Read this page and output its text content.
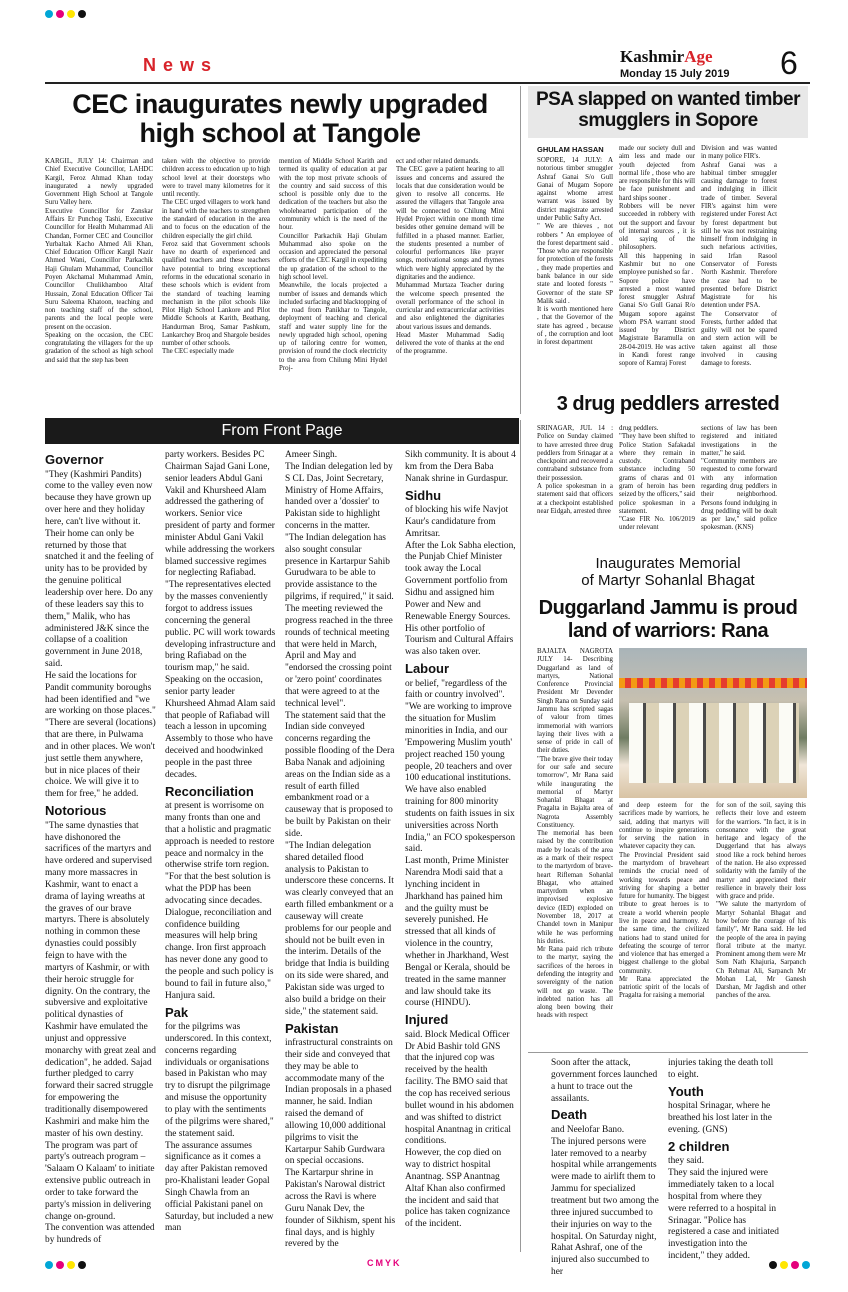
News	KashmirAge
Monday 15 July 2019 6
CEC inaugurates newly upgraded high school at Tangole
KARGIL, JULY 14: Chairman and Chief Executive Councillor, LAHDC Kargil, Feroz Ahmad Khan today inaugurated a newly upgraded Government High School at Tangole Suru Valley here.
Executive Councillor for Zanskar Affairs Er Punchog Tashi, Executive Councillor for Health Muhammad Ali Chandan, Former CEC and Councillor Yurbaltak Kacho Ahmed Ali Khan, Chief Education Officer Kargil Nazir Ahmed Wani, Councillor Parkachik Haji Ghulam Muhammad, Councillor Poyen Akchamal Muhammad Amin, Councillor Chulikhamboo Altaf Hussain, Zonal Education Officer Tai Suru Saleema Khatoon, teaching and non teaching staff of the school, parents and the local people were present on the occasion.
Speaking on the occasion, the CEC congratulating the villagers for the up gradation of the school as high school and said that the step has been
taken with the objective to provide children access to education up to high school level at their doorsteps who were to travel many kilometres for it until recently.
The CEC urged villagers to work hand in hand with the teachers to strengthen the standard of education in the area and to focus on the education of the children especially the girl child.
Feroz said that Government schools have no dearth of experienced and qualified teachers and these teachers have potential to bring exceptional reforms in the educational scenario in these schools which is evident from the standard of teaching learning mechanism in the pilot schools like Pilot High School Lankore and Pilot Middle Schools at Karith, Beathang, Handurman Broq, Samar Pashkum, Lankarchey Broq and Shargole besides number of other schools.
The CEC especially made
mention of Middle School Karith and termed its quality of education at par with the top most private schools of the country and said success of this school is possible only due to the dedication of the teachers but also the wholehearted participation of the community which is the need of the hour.
Councillor Parkachik Haji Ghulam Muhammad also spoke on the occasion and appreciated the personal efforts of the CEC Kargil in expediting the up gradation of the school to the high school level.
Meanwhile, the locals projected a number of issues and demands which included surfacing and blacktopping of the road from Panikhar to Tangole, deployment of teaching and clerical staff and water supply line for the newly upgraded high school, opening up of tailoring centre for women, provision of round the clock electricity to the area from Chilung Mini Hydel Proj-
ect and other related demands.
The CEC gave a patient hearing to all issues and concerns and assured the locals that due consideration would be given to resolve all concerns. He assured the villagers that Tangole area will be connected to Chilung Mini Hydel Project within one month time besides other genuine demand will be fulfilled in a phased manner. Earlier, the students presented a number of colourful performances like prayer songs, motivational songs and rhymes which were highly appreciated by the dignitaries and the audience.
Muhammad Murtaza Teacher during the welcome speech presented the overall performance of the school in curricular and extracurricular activities and also enlightened the dignitaries about various issues and demands.
Head Master Muhammad Sadiq delivered the vote of thanks at the end of the programme.
PSA slapped on wanted timber smugglers in Sopore
GHULAM HASSAN
SOPORE, 14 JULY: A notorious timber smuggler Ashraf Ganai S/o Gull Ganai of Mugam Sopore against whome arrest warrant was issued by district magistrate arrested under Public Safty Act.
" We are thieves , not robbers " An employee of the forest department said . 'Those who are responsible for protection of the forests , they made properties and bank balance in our side state and looted forests " Governor of the state SP Malik said .
It is worth mentioned here , that the Governor of the state has agreed , because of , the corruption and loot in forest department
made our society dull and aim less and made our youth dejected from normal life , those who are are responsible for this will be face punishment and hard ships sooner .
Robbers will be never succeeded in robbery with out the support and favour of internal sources , it is old saying of the philosophers.
All this happening in Kashmir but no one employee punished so far .
Sopore police have arrested a most wanted forest smuggler Ashraf Ganai S/o Gull Ganai R/o Mugam sopore against whom PSA warrant stood issued by District Magistrate Baramulla on 28-04-2019. He was active in Kandi forest range sopore of Kamraj Forest
Division and was wanted in many police FIR's.
Ashraf Ganai was a habitual timber smuggler causing damage to forest and indulging in illicit trade of timber. Several FIR's against him were registered under Forest Act by forest department but still he was not restraining himself from indulging in such nefarious activities, said Irfan Rasool Conservator of Forests North Kashmir. Therefore the case had to be presented before District Magistrate for his detention under PSA.
The Conservator of Forests, further added that guilty will not be spared and stern action will be taken against all those involved in causing damage to forests.
3 drug peddlers arrested
SRINAGAR, JUL 14 : Police on Sunday claimed to have arrested three drug peddlers from Srinagar at a checkpoint and recovered a contraband substance from their possession.
A police spokesman in a statement said that officers at a checkpoint established near Eidgah, arrested three
drug peddlers.
"They have been shifted to Police Station Safakadal where they remain in custody. Contraband substance including 50 grams of charas and 01 gram of heroin has been seized by the officers," said police spokesman in a statement.
"Case FIR No. 106/2019 under relevant
sections of law has been registered and initiated investigations in the matter," he said.
"Community members are requested to come forward with any information regarding drug peddlers in their neighborhood. Persons found indulging in drug peddling will be dealt as per law," said police spokesman. (KNS)
From Front Page
Governor

"They (Kashmiri Pandits) come to the valley even now because they have grown up over here and they holiday here, can't live without it. Their home can only be returned by those that snatched it and the feeling of unity has to be provided by the genuine political leadership over here. Do any of these leaders say this to them," Malik, who has administered J&K since the collapse of a coalition government in June 2018, said.

He said the locations for Pandit community boroughs had been identified and "we are working on those places." "There are several (locations) that are there, in Pulwama and in other places. We won't just settle them anywhere, but in nice places of their choice. We will give it to them for free," he added.

Notorious

"The same dynasties that have dishonored the sacrifices of the martyrs and have ordered and supervised many more massacres in Kashmir, want to enact a drama of laying wreaths at the graves of our brave martyrs. There is absolutely nothing in common these dynasties could possibly feign to have with the martyrs of Kashmir, or with their heroic struggle for dignity. On the contrary, the subversive and exploitative political dynasties of Kashmir have emulated the unjust and oppressive monarchy with great zeal and dedication", he added. Sajad further pledged to carry forward their sacred struggle for empowering the traditionally disempowered Kashmiri and make him the master of his own destiny. The program was part of party's outreach program – 'Salaam O Kalaam' to initiate extensive public outreach in order to take forward the party's mission in delivering change on-ground.

The convention was attended by hundreds of

party workers. Besides PC Chairman Sajad Gani Lone, senior leaders Abdul Gani Vakil and Khursheed Alam addressed the gathering of workers. Senior vice president of party and former minister Abdul Gani Vakil while addressing the workers blamed successive regimes for neglecting Rafiabad.

"The representatives elected by the masses conveniently forgot to address issues concerning the general public. PC will work towards developing infrastructure and bring Rafiabad on the tourism map," he said.

Speaking on the occasion, senior party leader Khursheed Ahmad Alam said that people of Rafiabad will teach a lesson in upcoming Assembly to those who have deceived and hoodwinked people in the past three decades.

Reconciliation

at present is worrisome on many fronts than one and that a holistic and pragmatic approach is needed to restore peace and normalcy in the otherwise strife torn region. "For that the best solution is what the PDP has been advocating since decades. Dialogue, reconciliation and confidence building measures will help bring change. Iron first approach has never done any good to the people and such policy is bound to fail in future also," Hanjura said.

Pak

for the pilgrims was underscored. In this context, concerns regarding individuals or organisations based in Pakistan who may try to disrupt the pilgrimage and misuse the opportunity to play with the sentiments of the pilgrims were shared," the statement said.

The assurance assumes significance as it comes a day after Pakistan removed pro-Khalistani leader Gopal Singh Chawla from an official Pakistani panel on Saturday, but included a new man

Ameer Singh.

The Indian delegation led by S CL Das, Joint Secretary, Ministry of Home Affairs, handed over a 'dossier' to Pakistan side to highlight concerns in the matter.

"The Indian delegation has also sought consular presence in Kartarpur Sahib Gurudwara to be able to provide assistance to the pilgrims, if required," it said.

The meeting reviewed the progress reached in the three rounds of technical meeting that were held in March, April and May and "endorsed the crossing point or 'zero point' coordinates that were agreed to at the technical level".

The statement said that the Indian side conveyed concerns regarding the possible flooding of the Dera Baba Nanak and adjoining areas on the Indian side as a result of earth filled embankment road or a causeway that is proposed to be built by Pakistan on their side.

"The Indian delegation shared detailed flood analysis to Pakistan to underscore these concerns. It was clearly conveyed that an earth filled embankment or a causeway will create problems for our people and should not be built even in the interim. Details of the bridge that India is building on its side were shared, and Pakistan side was urged to also build a bridge on their side," the statement said.

Pakistan

infrastructural constraints on their side and conveyed that they may be able to accommodate many of the Indian proposals in a phased manner, he said. Indian raised the demand of allowing 10,000 additional pilgrims to visit the Kartarpur Sahib Gurdwara on special occasions.

The Kartarpur shrine in Pakistan's Narowal district across the Ravi is where Guru Nanak Dev, the founder of Sikhism, spent his final days, and is highly revered by the

Sikh community. It is about 4 km from the Dera Baba Nanak shrine in Gurdaspur.

Sidhu

of blocking his wife Navjot Kaur's candidature from Amritsar.

After the Lok Sabha election, the Punjab Chief Minister took away the Local Government portfolio from Sidhu and assigned him Power and New and Renewable Energy Sources. His other portfolio of Tourism and Cultural Affairs was also taken over.

Labour

or belief, "regardless of the faith or country involved".

"We are working to improve the situation for Muslim minorities in India, and our 'Empowering Muslim youth' project reached 150 young people, 20 teachers and over 100 educational institutions. We have also enabled training for 800 minority students on faith issues in six universities across North India," an FCO spokesperson said.

Last month, Prime Minister Narendra Modi said that a lynching incident in Jharkhand has pained him and the guilty must be severely punished. He stressed that all kinds of violence in the country, whether in Jharkhand, West Bengal or Kerala, should be treated in the same manner and law should take its course (HINDU).

Injured

said. Block Medical Officer Dr Abid Bashir told GNS that the injured cop was received by the health facility. The BMO said that the cop has received serious bullet wound in his abdomen and was shifted to district hospital Anantnag in critical conditions.

However, the cop died on way to district hospital Anantnag. SSP Anantnag Altaf Khan also confirmed the incident and said that police has taken cognizance of the incident.

Soon after the attack, government forces launched a hunt to trace out the assailants.

Death

and Neelofar Bano.

The injured persons were later removed to a nearby hospital while arrangements were made to airlift them to Jammu for specialized treatment but two among the three injured succumbed to their injuries on way to the hospital. On Saturday night, Rahat Ashraf, one of the injured also succumbed to her

injuries taking the death toll to eight.

Youth

hospital Srinagar, where he breathed his lost later in the evening. (GNS)

2 children

they said.

They said the injured were immediately taken to a local hospital from where they were referred to a hospital in Srinagar. "Police has registered a case and initiated investigation into the incident," they added.

Inaugurates Memorial
of Martyr Sohanlal Bhagat
Duggarland Jammu is proud land of warriors: Rana
BAJALTA NAGROTA JULY 14- Describing Duggarland as land of martyrs, National Conference Provincial President Mr Devender Singh Rana on Sunday said Jammu has scripted sagas of valour from times immemorial with warriors laying their lives with a sense of pride in call of their duties.
"The brave give their today for our safe and secure tomorrow", Mr Rana said while inaugurating the memorial of Martyr Sohanlal Bhagat at Pragalta in Bajalta area of Nagrota Assembly Constituency.
The memorial has been raised by the contribution made by locals of the area as a mark of their respect to the martyrdom of brave-heart Rifleman Sohanlal Bhagat, who attained martyrdom when an improvised explosive device (IED) exploded on November 18, 2017 at Chandel town in Manipur while he was performing his duties.
Mr Rana paid rich tribute to the martyr, saying the sacrifices of the heroes in defending the integrity and sovereignty of the nation will not go waste. The indebted nation has all along been bowing their heads with respect
and deep esteem for the sacrifices made by warriors, he said, adding that martyrs will continue to inspire generations for serving the nation in whatever capacity they can.
The Provincial President said the martyrdom of braveheart reminds the crucial need of working towards peace and striving for shaping a better future for humanity. The biggest tribute to great heroes is to create a world wherein people live in peace and harmony. At the same time, the civilized nations had to stand united for defeating the scourge of terror and violence that has emerged a biggest challenge to the global community.
Mr Rana appreciated the patriotic spirit of the locals of Pragalta for raising a memorial
for son of the soil, saying this reflects their love and esteem for the warriors. "In fact, it is in consonance with the great heritage and legacy of the Duggerland that has always stood like a rock behind heroes of the nation. He also expressed solidarity with the family of the martyr and appreciated their resilience in bravely their loss with grace and pride.
"We salute the martyrdom of Martyr Sohanlal Bhagat and bow before the courage of his family", Mr Rana said. He led the people of the area in paying floral tribute at the martyr. Prominent among them were Mr Som Nath Khajuria, Sarpanch Ch Rehmat Ali, Sarpanch Mr Mohan Lal, Mr Ganesh Darshan, Mr Jagdish and other panches of the area.
CMYK
